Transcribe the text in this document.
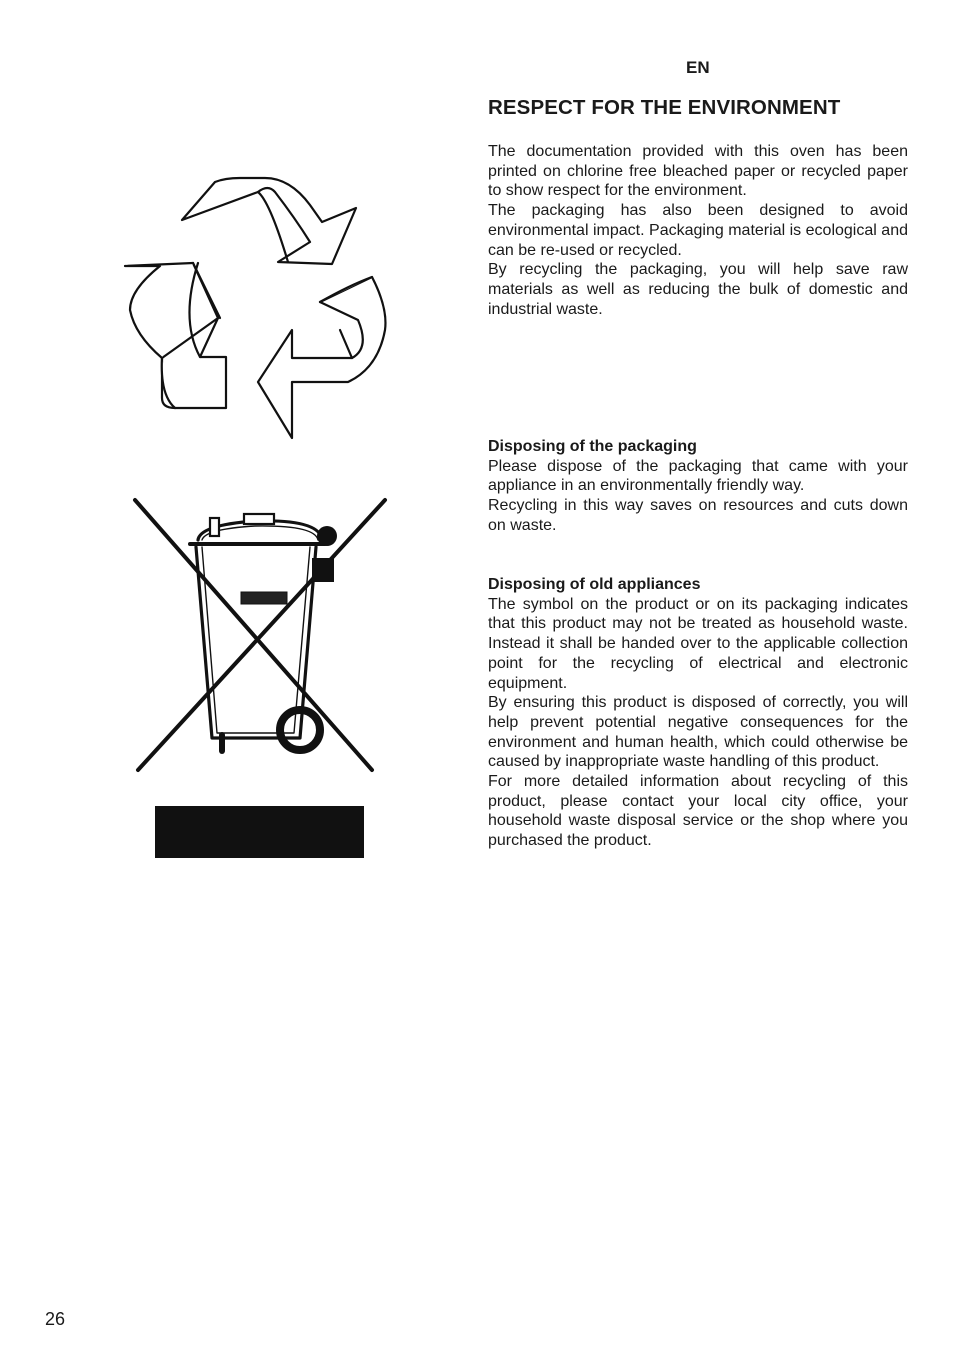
EN
RESPECT FOR THE ENVIRONMENT

The documentation provided with this oven has been printed on chlorine free bleached paper or recycled paper to show respect for the environment.

The packaging has also been designed to avoid environmental impact. Packaging material is ecological and can be re-used or recycled.

By recycling the packaging, you will help save raw materials as well as reducing the bulk of domestic and industrial waste.

Disposing of the packaging

Please dispose of the packaging that came with your appliance in an environmentally friendly way.

Recycling in this way saves on resources and cuts down on waste.

Disposing of old appliances

The symbol on the product or on its packaging indicates that this product may not be treated as household waste. Instead it shall be handed over to the applicable collection point for the recycling of electrical and electronic equipment.

By ensuring this product is disposed of correctly, you will help prevent potential negative consequences for the environment and human health, which could otherwise be caused by inappropriate waste handling of this product.

For more detailed information about recycling of this product, please contact your local city office, your household waste disposal service or the shop where you purchased the product.

26
